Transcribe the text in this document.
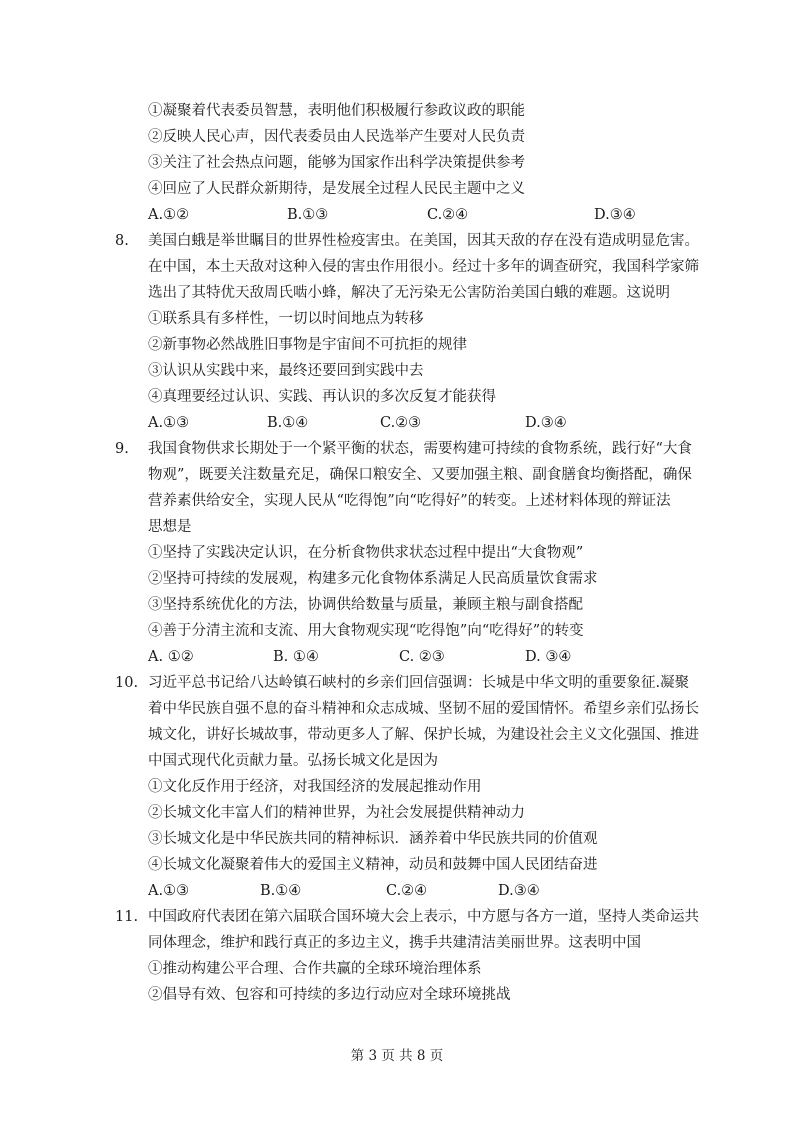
①凝聚着代表委员智慧，表明他们积极履行参政议政的职能
②反映人民心声，因代表委员由人民选举产生要对人民负责
③关注了社会热点问题，能够为国家作出科学决策提供参考
④回应了人民群众新期待，是发展全过程人民民主题中之义
A.①②	B.①③	C.②④	D.③④
8. 美国白蛾是举世瞩目的世界性检疫害虫。在美国，因其天敌的存在没有造成明显危害。
在中国，本土天敌对这种入侵的害虫作用很小。经过十多年的调查研究，我国科学家筛
选出了其特优天敌周氏啮小蜂，解决了无污染无公害防治美国白蛾的难题。这说明
①联系具有多样性，一切以时间地点为转移
②新事物必然战胜旧事物是宇宙间不可抗拒的规律
③认识从实践中来，最终还要回到实践中去
④真理要经过认识、实践、再认识的多次反复才能获得
A.①③	B.①④	C.②③	D.③④
9. 我国食物供求长期处于一个紧平衡的状态，需要构建可持续的食物系统，践行好“大食
物观”，既要关注数量充足，确保口粮安全、又要加强主粮、副食膳食均衡搭配，确保
营养素供给安全，实现人民从“吃得饱”向“吃得好”的转变。上述材料体现的辩证法
思想是
①坚持了实践决定认识，在分析食物供求状态过程中提出“大食物观”
②坚持可持续的发展观，构建多元化食物体系满足人民高质量饮食需求
③坚持系统优化的方法，协调供给数量与质量，兼顾主粮与副食搭配
④善于分清主流和支流、用大食物观实现“吃得饱”向“吃得好”的转变
A. ①②	B. ①④	C. ②③	D. ③④
10. 习近平总书记给八达岭镇石峡村的乡亲们回信强调：长城是中华文明的重要象征.凝聚
着中华民族自强不息的奋斗精神和众志成城、坚韧不屈的爱国情怀。希望乡亲们弘扬长
城文化，讲好长城故事，带动更多人了解、保护长城，为建设社会主义文化强国、推进
中国式现代化贡献力量。弘扬长城文化是因为
①文化反作用于经济，对我国经济的发展起推动作用
②长城文化丰富人们的精神世界，为社会发展提供精神动力
③长城文化是中华民族共同的精神标识．涵养着中华民族共同的价值观
④长城文化凝聚着伟大的爱国主义精神，动员和鼓舞中国人民团结奋进
A.①③	B.①④	C.②④	D.③④
11. 中国政府代表团在第六届联合国环境大会上表示，中方愿与各方一道，坚持人类命运共
同体理念，维护和践行真正的多边主义，携手共建清洁美丽世界。这表明中国
①推动构建公平合理、合作共赢的全球环境治理体系
②倡导有效、包容和可持续的多边行动应对全球环境挑战
第 3 页 共 8 页
